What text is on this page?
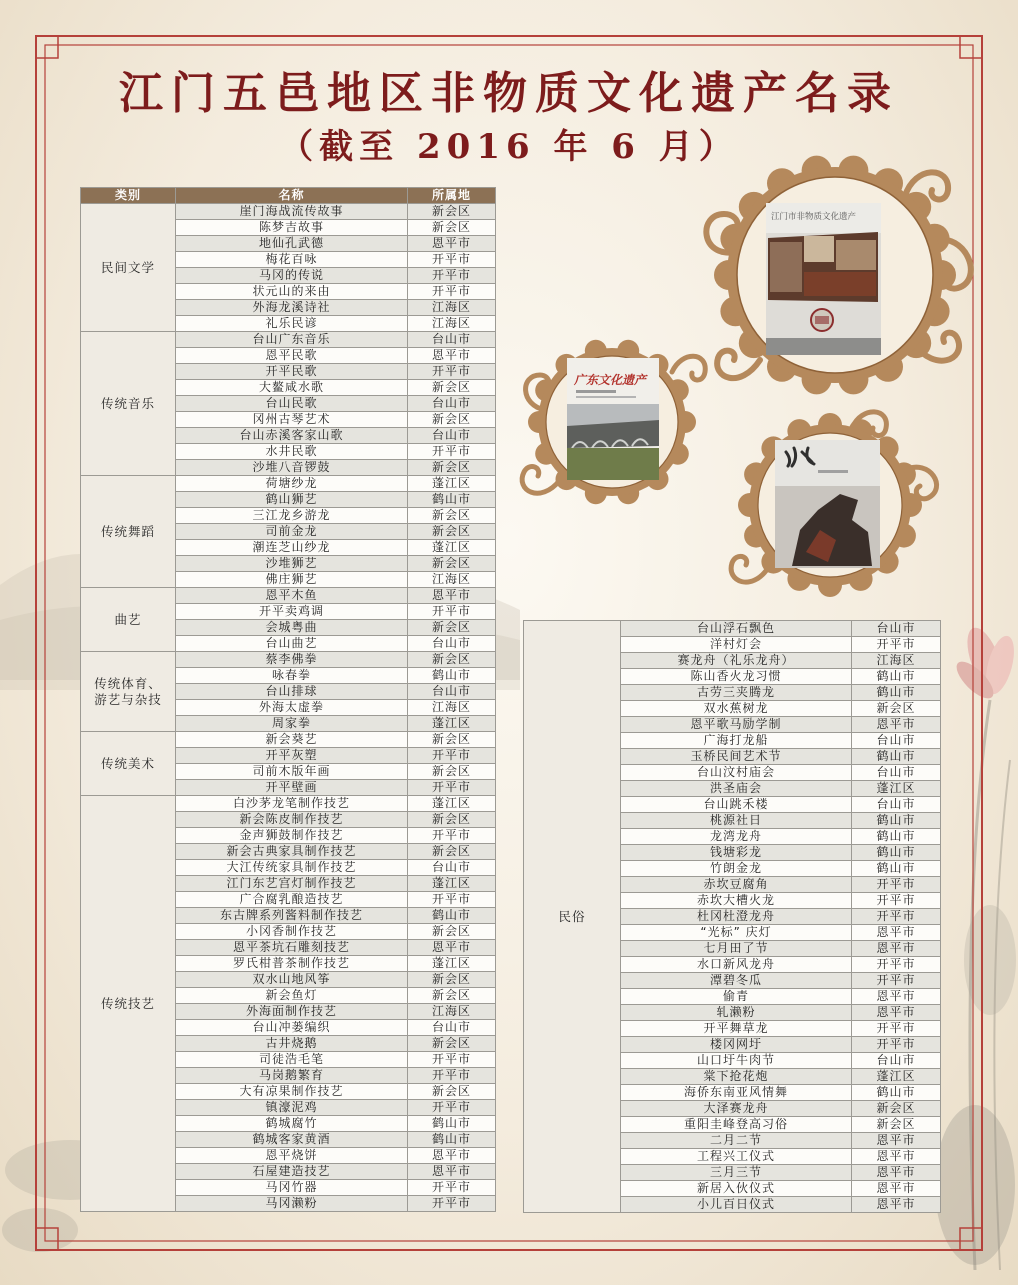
江门市非物质文化遗产
广东文化遗产
江门五邑地区非物质文化遗产名录
（截至 2016 年 6 月）
类别	名称	所属地
民间文学
崖门海战流传故事	新会区
陈梦吉故事	新会区
地仙孔武德	恩平市
梅花百咏	开平市
马冈的传说	开平市
状元山的来由	开平市
外海龙溪诗社	江海区
礼乐民谚	江海区
传统音乐
台山广东音乐	台山市
恩平民歌	恩平市
开平民歌	开平市
大鳌咸水歌	新会区
台山民歌	台山市
冈州古琴艺术	新会区
台山赤溪客家山歌	台山市
水井民歌	开平市
沙堆八音锣鼓	新会区
传统舞蹈
荷塘纱龙	蓬江区
鹤山狮艺	鹤山市
三江龙乡游龙	新会区
司前金龙	新会区
潮连芝山纱龙	蓬江区
沙堆狮艺	新会区
佛庄狮艺	江海区
曲艺
恩平木鱼	恩平市
开平卖鸡调	开平市
会城粤曲	新会区
台山曲艺	台山市
传统体育、
游艺与杂技
蔡李佛拳	新会区
咏春拳	鹤山市
台山排球	台山市
外海太虚拳	江海区
周家拳	蓬江区
传统美术
新会葵艺	新会区
开平灰塑	开平市
司前木版年画	新会区
开平壁画	开平市
传统技艺
白沙茅龙笔制作技艺	蓬江区
新会陈皮制作技艺	新会区
金声狮鼓制作技艺	开平市
新会古典家具制作技艺	新会区
大江传统家具制作技艺	台山市
江门东艺宫灯制作技艺	蓬江区
广合腐乳酿造技艺	开平市
东古牌系列酱料制作技艺	鹤山市
小冈香制作技艺	新会区
恩平茶坑石雕刻技艺	恩平市
罗氏柑普茶制作技艺	蓬江区
双水山地风筝	新会区
新会鱼灯	新会区
外海面制作技艺	江海区
台山冲蒌编织	台山市
古井烧鹅	新会区
司徒浩毛笔	开平市
马岗鹅繁育	开平市
大有凉果制作技艺	新会区
镇濠泥鸡	开平市
鹤城腐竹	鹤山市
鹤城客家黄酒	鹤山市
恩平烧饼	恩平市
石屋建造技艺	恩平市
马冈竹器	开平市
马冈濑粉	开平市
民俗
台山浮石飘色	台山市
洋村灯会	开平市
赛龙舟（礼乐龙舟）	江海区
陈山香火龙习惯	鹤山市
古劳三夹腾龙	鹤山市
双水蕉树龙	新会区
恩平歌马励学制	恩平市
广海打龙船	台山市
玉桥民间艺术节	鹤山市
台山汶村庙会	台山市
洪圣庙会	蓬江区
台山跳禾楼	台山市
桃源社日	鹤山市
龙湾龙舟	鹤山市
钱塘彩龙	鹤山市
竹朗金龙	鹤山市
赤坎豆腐角	开平市
赤坎大槽火龙	开平市
杜冈杜澄龙舟	开平市
“光标” 庆灯	恩平市
七月田了节	恩平市
水口新风龙舟	开平市
潭碧冬瓜	开平市
偷青	恩平市
轧濑粉	恩平市
开平舞草龙	开平市
楼冈网圩	开平市
山口圩牛肉节	台山市
棠下抢花炮	蓬江区
海侨东南亚风情舞	鹤山市
大泽赛龙舟	新会区
重阳圭峰登高习俗	新会区
二月二节	恩平市
工程兴工仪式	恩平市
三月三节	恩平市
新居入伙仪式	恩平市
小儿百日仪式	恩平市
